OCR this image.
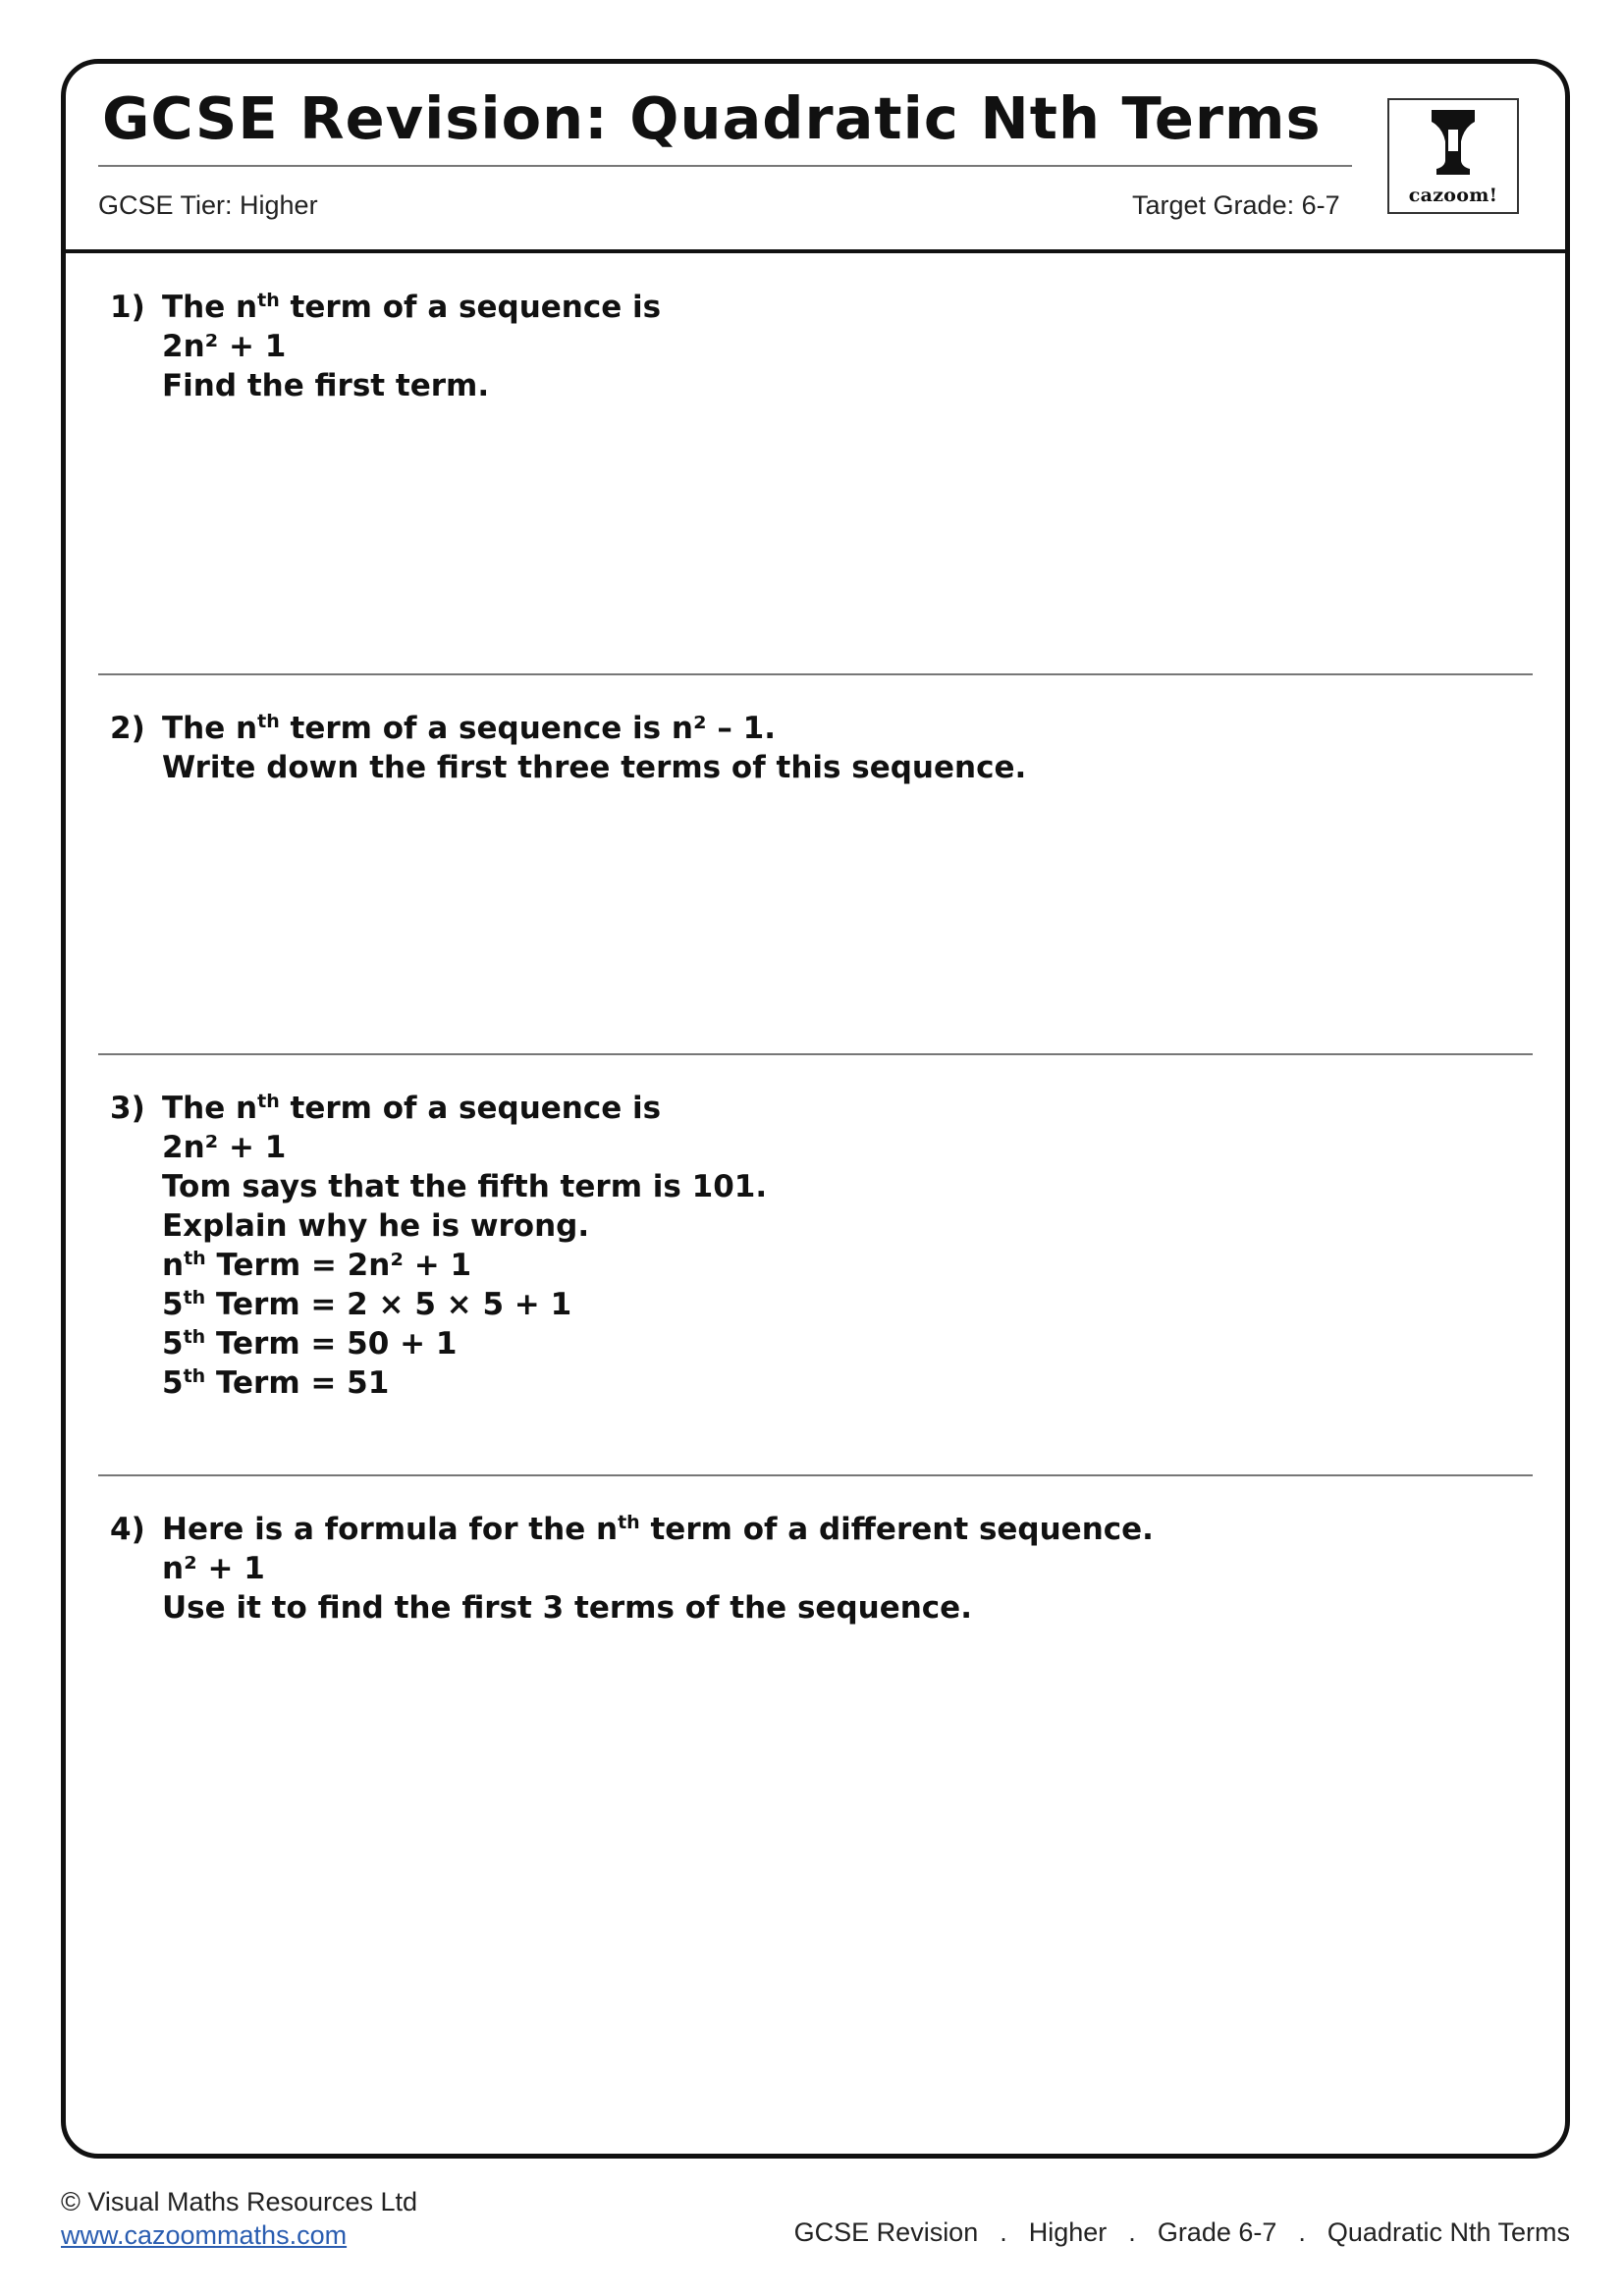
GCSE Revision: Quadratic Nth Terms
GCSE Tier: Higher	Target Grade: 6-7	cazoom!
1) The $n^{th}$ term of a sequence is
2n² + 1
Find the first term.
2) The $n^{th}$ term of a sequence is n² – 1.
Write down the first three terms of this sequence.
3) The $n^{th}$ term of a sequence is
2n² + 1
Tom says that the fifth term is 101.
Explain why he is wrong.
$n^{th}$ Term = 2n² + 1
5th Term = 2 × 5 × 5 + 1
5th Term = 50 + 1
5th Term = 51
4) Here is a formula for the $n^{th}$ term of a different sequence.
n² + 1
Use it to find the first 3 terms of the sequence.
© Visual Maths Resources Ltd
www.cazoommaths.com	GCSE Revision . Higher . Grade 6-7 . Quadratic Nth Terms
